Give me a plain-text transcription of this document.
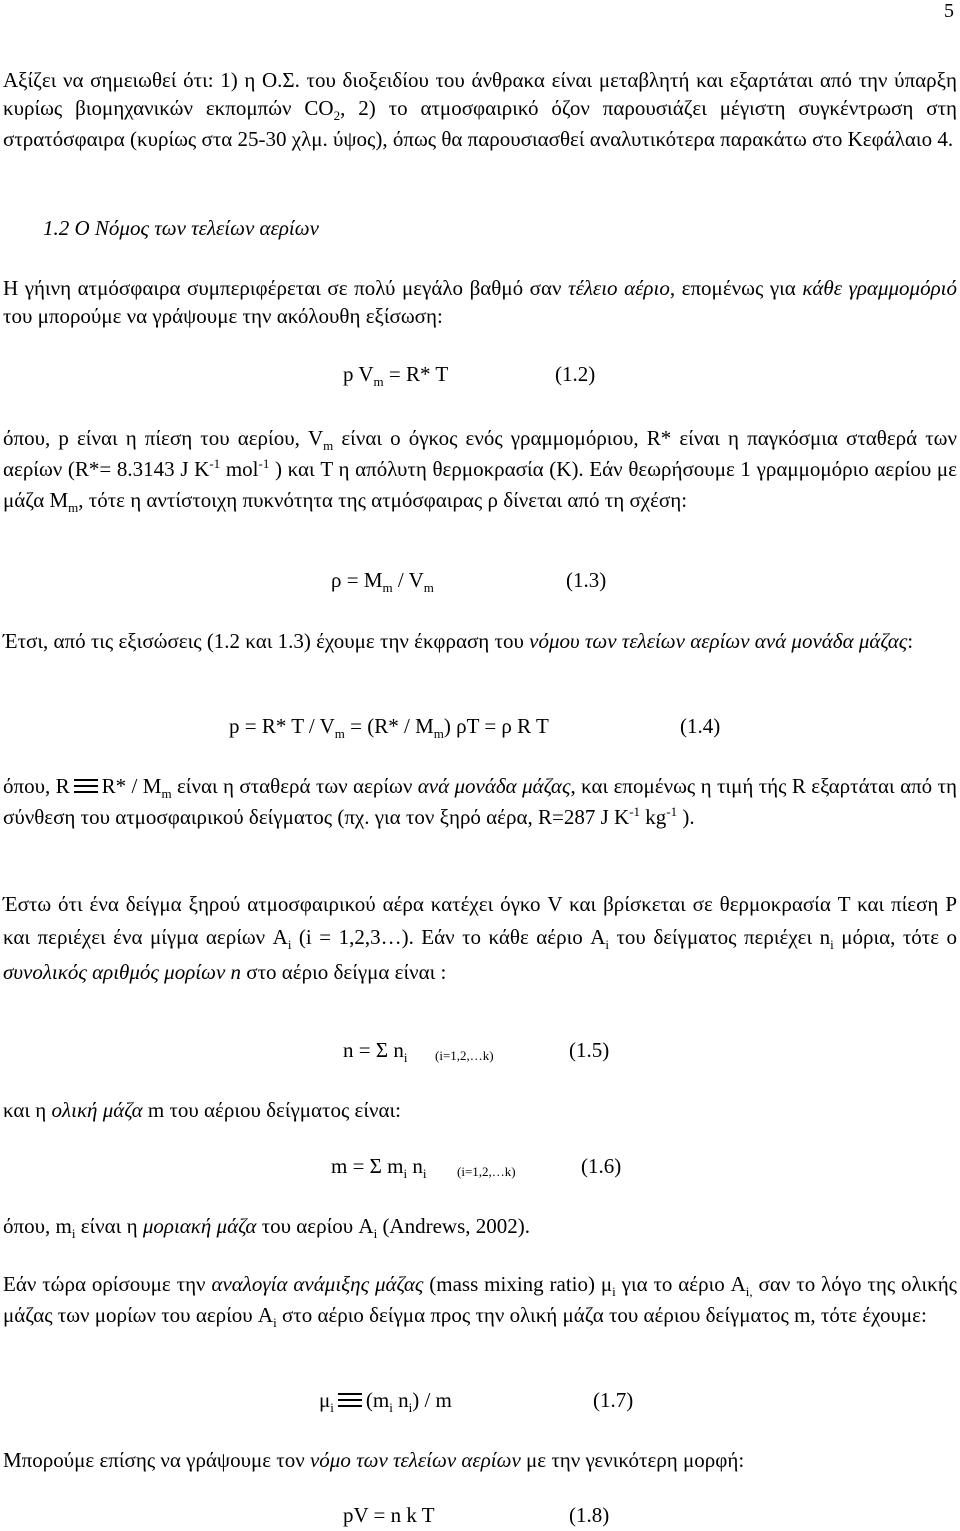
5

Αξίζει να σημειωθεί ότι: 1) η Ο.Σ. του διοξειδίου του άνθρακα είναι μεταβλητή και εξαρτάται από την ύπαρξη κυρίως βιομηχανικών εκπομπών $CO_2$, 2) το ατμοσφαιρικό όζον παρουσιάζει μέγιστη συγκέντρωση στη στρατόσφαιρα (κυρίως στα 25-30 χλμ. ύψος), όπως θα παρουσιασθεί αναλυτικότερα παρακάτω στο Κεφάλαιο 4.

1.2 Ο Νόμος των τελείων αερίων

Η γήινη ατμόσφαιρα συμπεριφέρεται σε πολύ μεγάλο βαθμό σαν τέλειο αέριο, επομένως για κάθε γραμμομόριό του μπορούμε να γράψουμε την ακόλουθη εξίσωση:

p $V_m = R*$ T	(1.2)

όπου, p είναι η πίεση του αερίου, $V_m$ είναι ο όγκος ενός γραμμομόριου, R* είναι η παγκόσμια σταθερά των αερίων (R*= 8.3143 J $K^{-1}$ mol$^{-1}$ ) και T η απόλυτη θερμοκρασία (K). Εάν θεωρήσουμε 1 γραμμομόριο αερίου με μάζα $M_m$, τότε η αντίστοιχη πυκνότητα της ατμόσφαιρας ρ δίνεται από τη σχέση:

$\rho = M_m / V_m$	(1.3)

Έτσι, από τις εξισώσεις (1.2 και 1.3) έχουμε την έκφραση του νόμου των τελείων αερίων ανά μονάδα μάζας:

p = R* $T / V_m = (R* / M_m) \rho T = \rho$ R T	(1.4)

όπου, R $R* / M_m$ είναι η σταθερά των αερίων ανά μονάδα μάζας, και επομένως η τιμή τής R εξαρτάται από τη σύνθεση του ατμοσφαιρικού δείγματος (πχ. για τον ξηρό αέρα, R=287 J $K^{-1}$ $kg^{-1}$ ).

Έστω ότι ένα δείγμα ξηρού ατμοσφαιρικού αέρα κατέχει όγκο V και βρίσκεται σε θερμοκρασία T και πίεση P και περιέχει ένα μίγμα αερίων $A_i$ (i = 1,2,3…). Εάν το κάθε αέριο $A_i$ του δείγματος περιέχει $n_i$ μόρια, τότε ο συνολικός αριθμός μορίων n στο αέριο δείγμα είναι :

n = Σ $n_i$ (i=1,2,…k)	(1.5)

και η ολική μάζα m του αέριου δείγματος είναι:

m = Σ $m_i$ $n_i$ (i=1,2,…k)	(1.6)

όπου, $m_i$ είναι η μοριακή μάζα του αερίου $A_i$ (Andrews, 2002).

Εάν τώρα ορίσουμε την αναλογία ανάμιξης μάζας (mass mixing ratio) $\mu_i$ για το αέριο $A_{i,}$ σαν το λόγο της ολικής μάζας των μορίων του αερίου $A_i$ στο αέριο δείγμα προς την ολική μάζα του αέριου δείγματος m, τότε έχουμε:

$\mu_i$ ($m_i$ $n_i$) / m	(1.7)

Μπορούμε επίσης να γράψουμε τον νόμο των τελείων αερίων με την γενικότερη μορφή:

pV = n k T	(1.8)
